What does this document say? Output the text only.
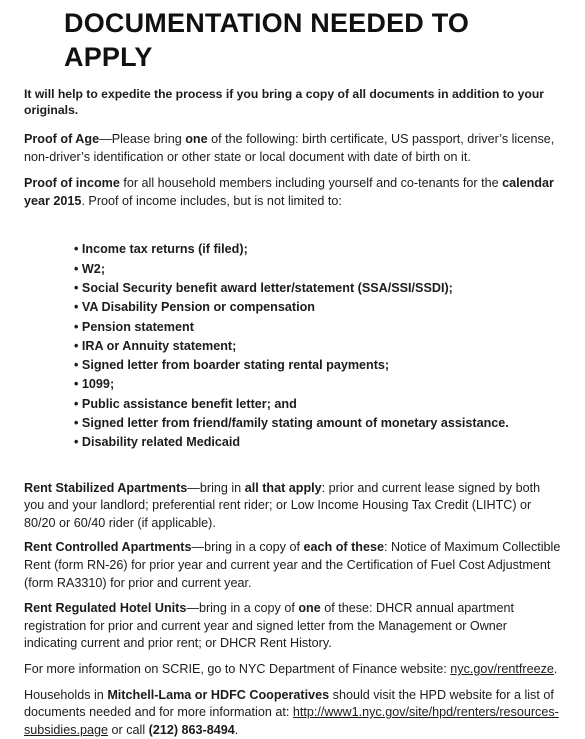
DOCUMENTATION NEEDED TO APPLY

It will help to expedite the process if you bring a copy of all documents in addition to your originals.

Proof of Age—Please bring one of the following: birth certificate, US passport, driver’s license, non-driver’s identification or other state or local document with date of birth on it.

Proof of income for all household members including yourself and co-tenants for the calendar year 2015. Proof of income includes, but is not limited to:

• Income tax returns (if filed);
• W2;
• Social Security benefit award letter/statement (SSA/SSI/SSDI);
• VA Disability Pension or compensation
• Pension statement
• IRA or Annuity statement;
• Signed letter from boarder stating rental payments;
• 1099;
• Public assistance benefit letter; and
• Signed letter from friend/family stating amount of monetary assistance.
• Disability related Medicaid

Rent Stabilized Apartments—bring in all that apply: prior and current lease signed by both you and your landlord; preferential rent rider; or Low Income Housing Tax Credit (LIHTC) or 80/20 or 60/40 rider (if applicable).

Rent Controlled Apartments—bring in a copy of each of these: Notice of Maximum Collectible Rent (form RN-26) for prior year and current year and the Certification of Fuel Cost Adjustment (form RA3310) for prior and current year.

Rent Regulated Hotel Units—bring in a copy of one of these: DHCR annual apartment registration for prior and current year and signed letter from the Management or Owner indicating current and prior rent; or DHCR Rent History.

For more information on SCRIE, go to NYC Department of Finance website: nyc.gov/rentfreeze.

Households in Mitchell-Lama or HDFC Cooperatives should visit the HPD website for a list of documents needed and for more information at: http://www1.nyc.gov/site/hpd/renters/resources-subsidies.page or call (212) 863-8494.
